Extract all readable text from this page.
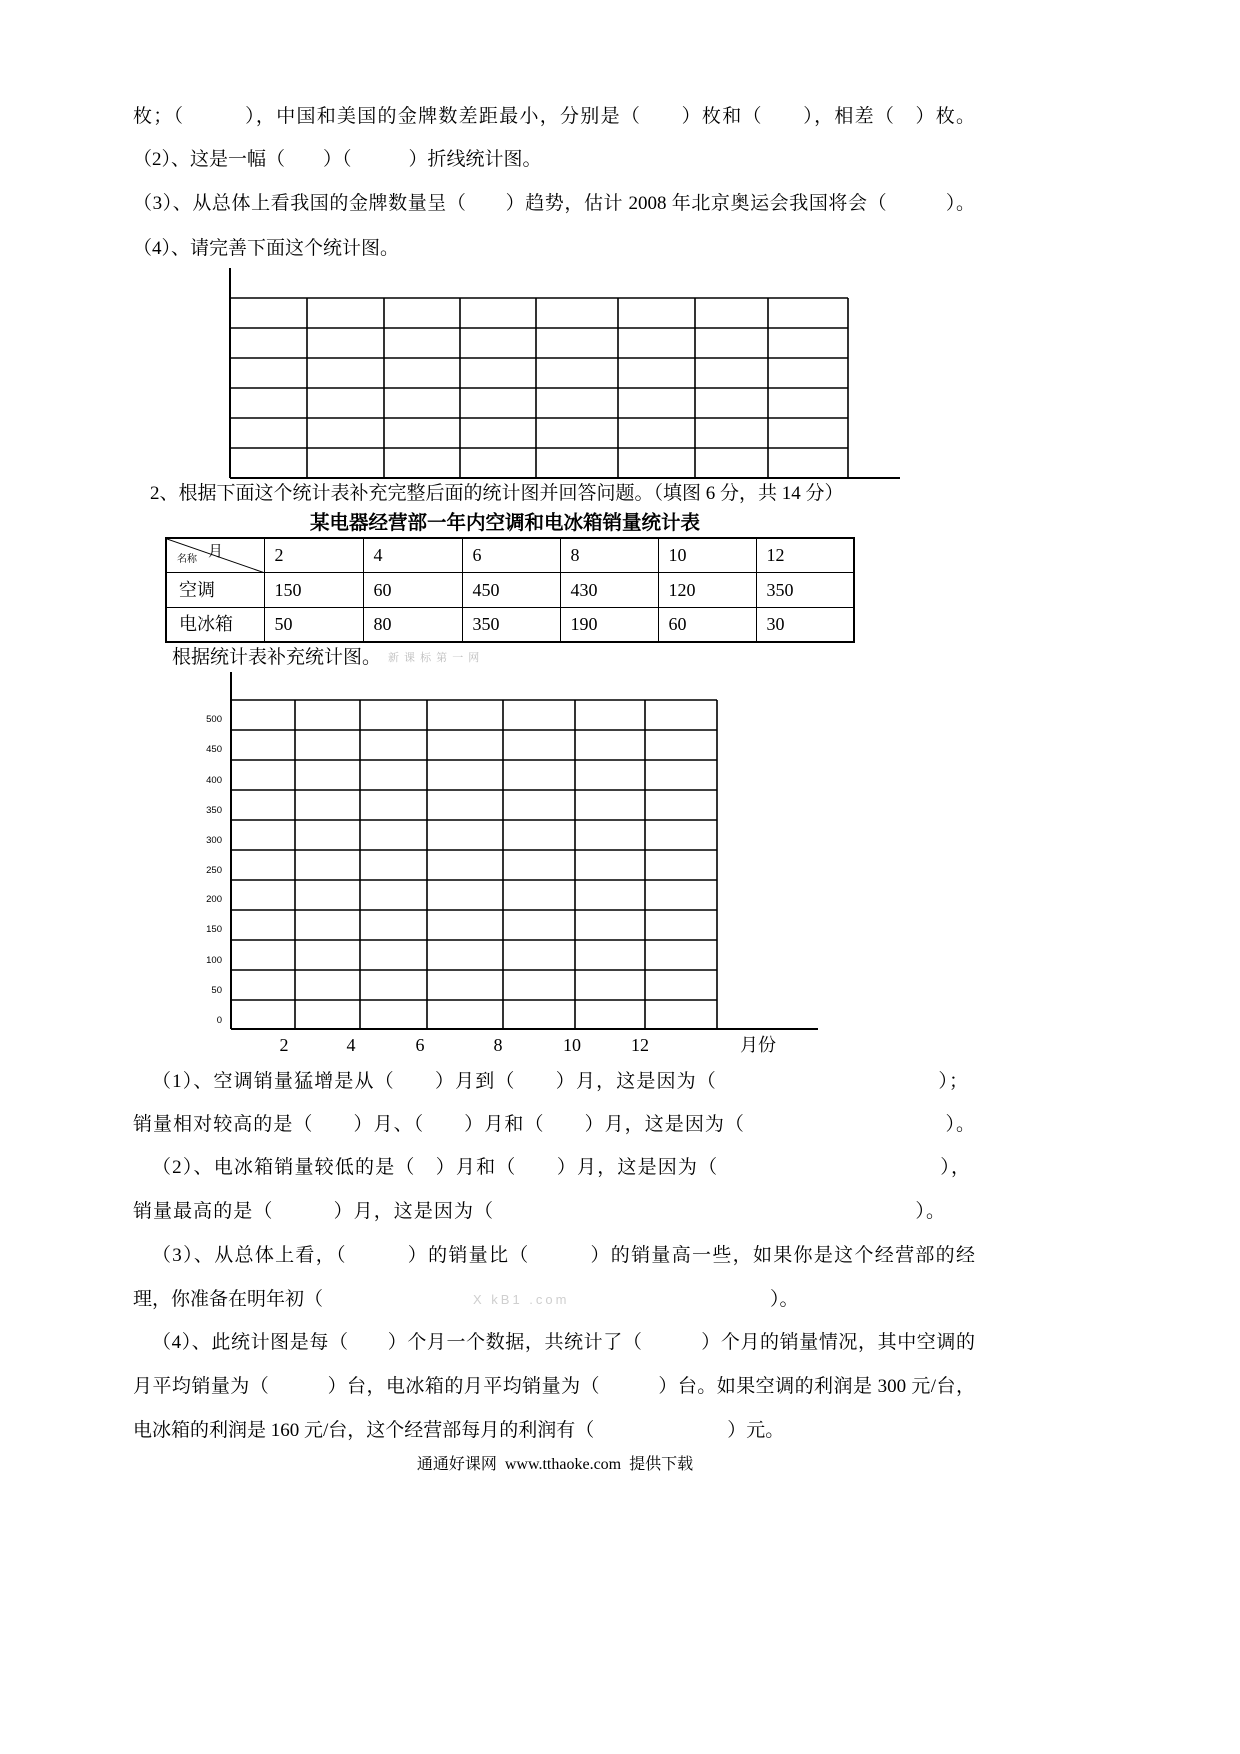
枚；（　　　），中国和美国的金牌数差距最小，分别是（　　）枚和（　　），相差（　）枚。
（2）、这是一幅（　　）（　　　）折线统计图。
（3）、从总体上看我国的金牌数量呈（　　）趋势，估计 2008 年北京奥运会我国将会（　　　）。
（4）、请完善下面这个统计图。
2、根据下面这个统计表补充完整后面的统计图并回答问题。（填图 6 分，共 14 分）
某电器经营部一年内空调和电冰箱销量统计表
月
名称	2	4	6	8	10	12
空调	150	60	450	430	120	350
电冰箱	50	80	350	190	60	30
根据统计表补充统计图。 新 课 标 第 一 网
500
450
400
350
300
250
200
150
100
50
0
2	4	6	8	10	12	月份
（1）、空调销量猛增是从（　　）月到（　　）月，这是因为（　　　　　　　　　　　）；
销量相对较高的是（　　）月、（　　）月和（　　）月，这是因为（　　　　　　　　　　）。
（2）、电冰箱销量较低的是（　）月和（　　）月，这是因为（　　　　　　　　　　　），
销量最高的是（　　　）月，这是因为（　　　　　　　　　　　　　　　　　　　　　）。
（3）、从总体上看，（　　　）的销量比（　　　）的销量高一些，如果你是这个经营部的经
理，你准备在明年初（	X kB1 .com	）。
（4）、此统计图是每（　　）个月一个数据，共统计了（　　　）个月的销量情况，其中空调的
月平均销量为（　　　）台，电冰箱的月平均销量为（　　　）台。如果空调的利润是 300 元/台，
电冰箱的利润是 160 元/台，这个经营部每月的利润有（　　　　　　　）元。
通通好课网 www.tthaoke.com 提供下载
